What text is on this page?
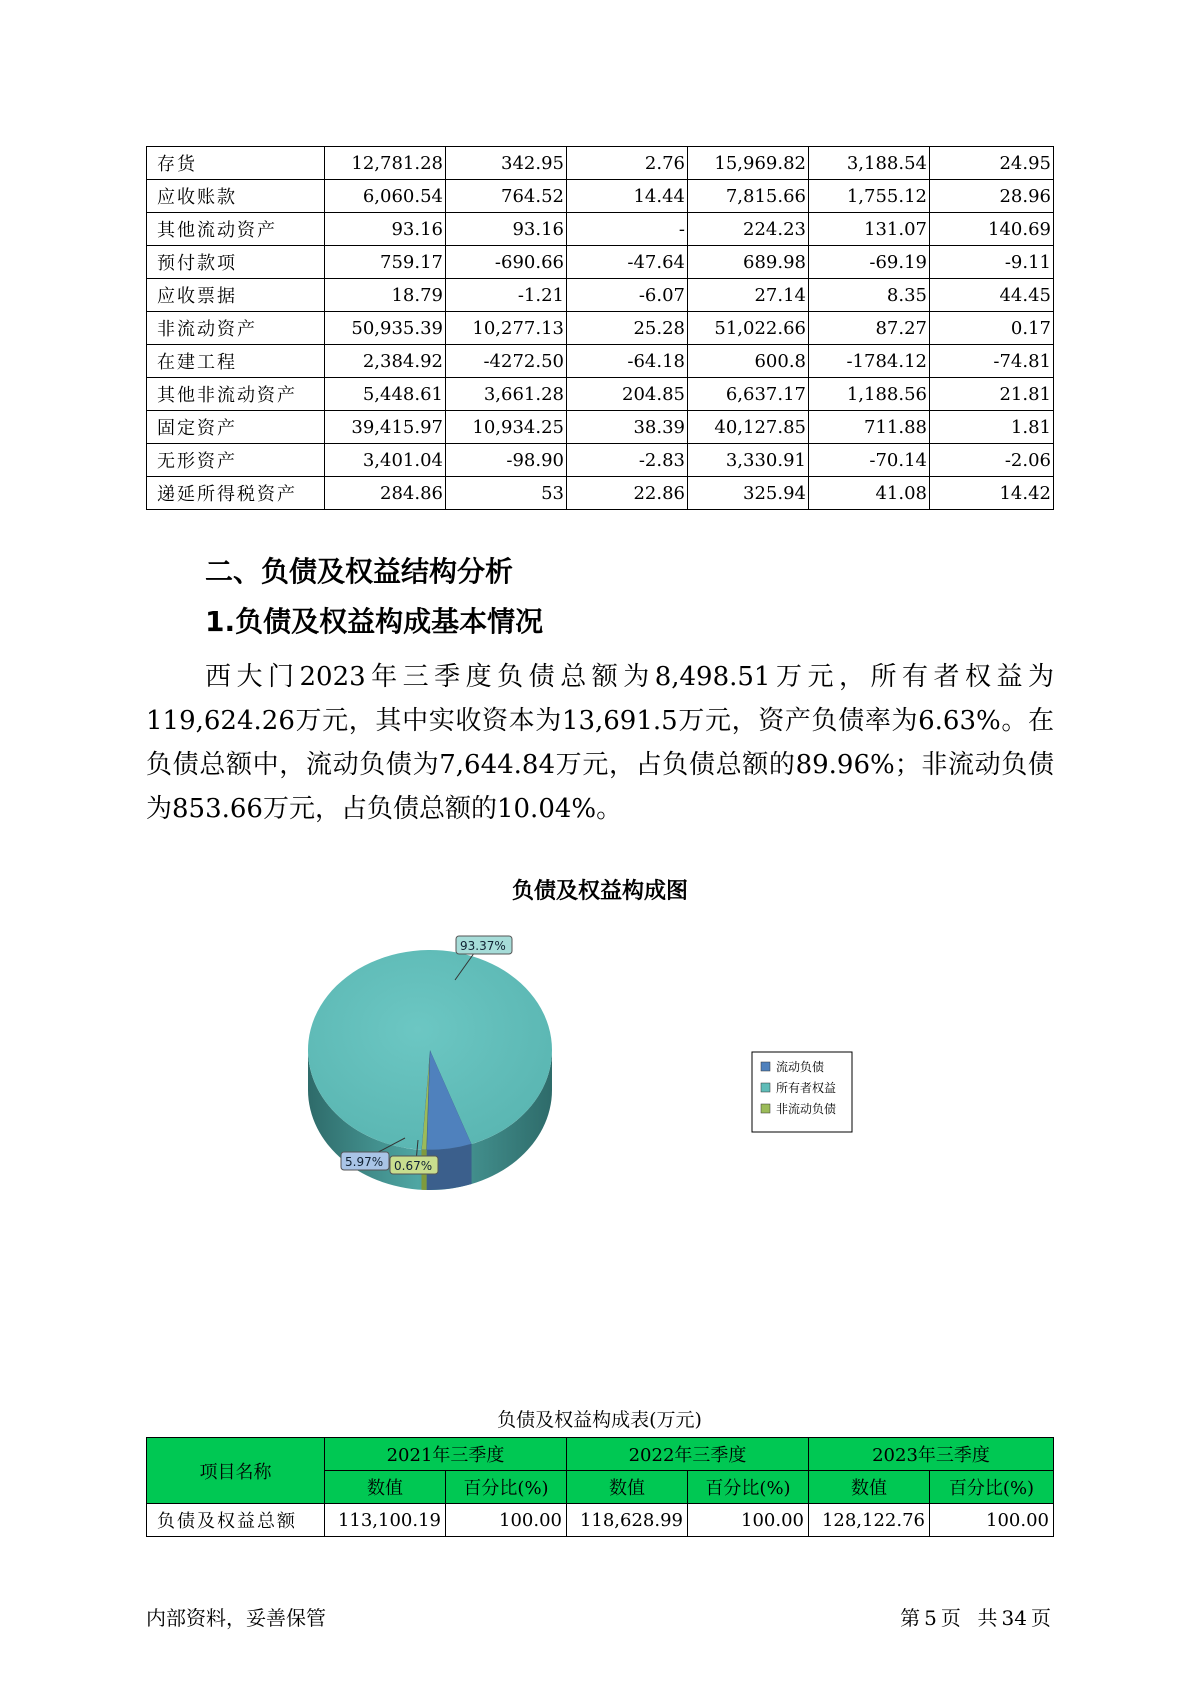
存货	12,781.28	342.95	2.76	15,969.82	3,188.54	24.95
应收账款	6,060.54	764.52	14.44	7,815.66	1,755.12	28.96
其他流动资产	93.16	93.16	-	224.23	131.07	140.69
预付款项	759.17	-690.66	-47.64	689.98	-69.19	-9.11
应收票据	18.79	-1.21	-6.07	27.14	8.35	44.45
非流动资产	50,935.39	10,277.13	25.28	51,022.66	87.27	0.17
在建工程	2,384.92	-4272.50	-64.18	600.8	-1784.12	-74.81
其他非流动资产	5,448.61	3,661.28	204.85	6,637.17	1,188.56	21.81
固定资产	39,415.97	10,934.25	38.39	40,127.85	711.88	1.81
无形资产	3,401.04	-98.90	-2.83	3,330.91	-70.14	-2.06
递延所得税资产	284.86	53	22.86	325.94	41.08	14.42
二、负债及权益结构分析
1.负债及权益构成基本情况

西大门2023年三季度负债总额为8,498.51万元，所有者权益为119,624.26万元，其中实收资本为13,691.5万元，资产负债率为6.63%。在负债总额中，流动负债为7,644.84万元，占负债总额的89.96%；非流动负债为853.66万元，占负债总额的10.04%。

负债及权益构成图
5.97%
93.37%
0.67%
流动负债
所有者权益
非流动负债
负债及权益构成表(万元)
项目名称	2021年三季度		2022年三季度		2023年三季度	
	数值	百分比(%)	数值	百分比(%)	数值	百分比(%)
负债及权益总额	113,100.19	100.00	118,628.99	100.00	128,122.76	100.00
内部资料，妥善保管	第 5 页 共 34 页
